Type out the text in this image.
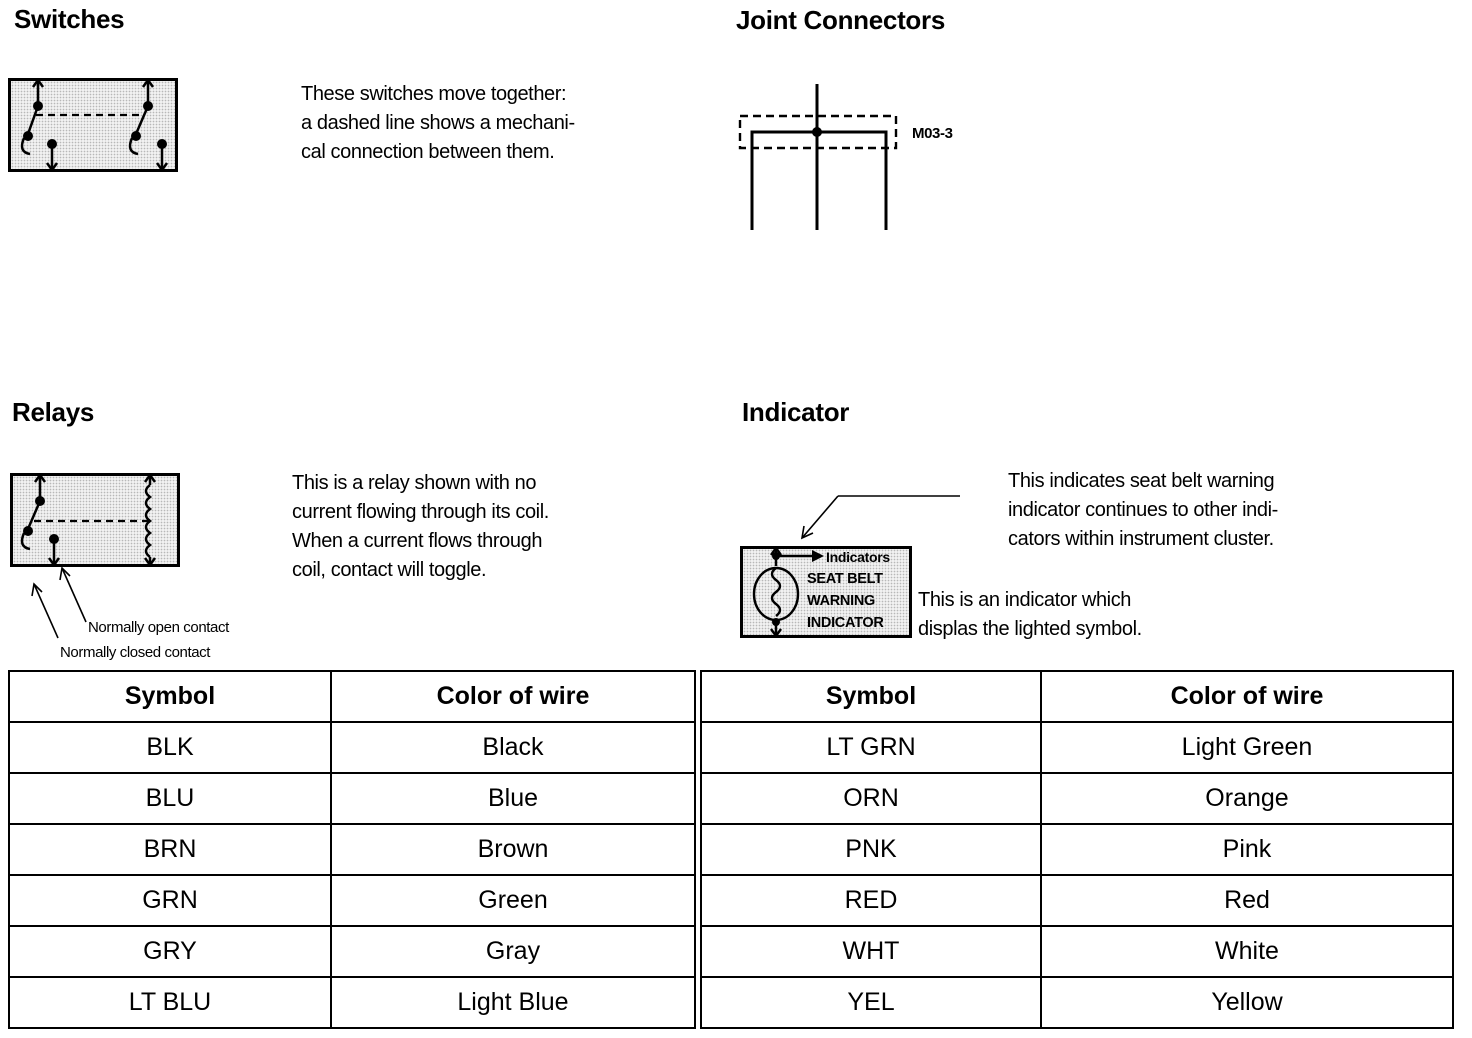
Switches
These switches move together:
a dashed line shows a mechani-
cal connection between them.
Joint Connectors
M03-3
Relays
Normally open contact
Normally closed contact
This is a relay shown with no
current flowing through its coil.
When a current flows through
coil, contact will toggle.
Indicator
Indicators
SEAT BELT
WARNING
INDICATOR
This indicates seat belt warning
indicator continues to other indi-
cators within instrument cluster.
This is an indicator which
displas the lighted symbol.
Symbol	Color of wire
BLK	Black
BLU	Blue
BRN	Brown
GRN	Green
GRY	Gray
LT BLU	Light Blue
Symbol	Color of wire
LT GRN	Light Green
ORN	Orange
PNK	Pink
RED	Red
WHT	White
YEL	Yellow
